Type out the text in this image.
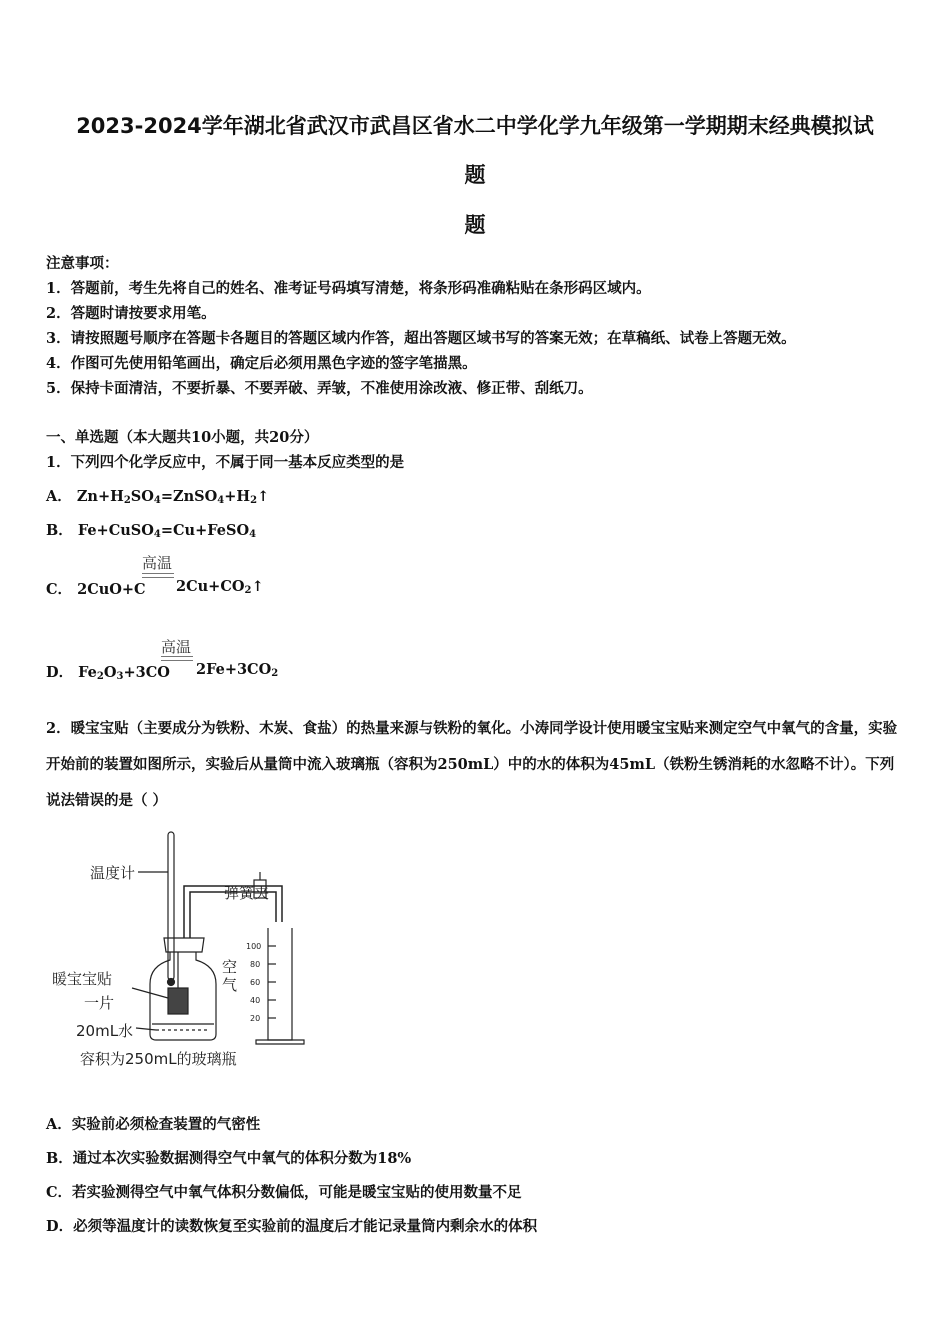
2023-2024学年湖北省武汉市武昌区省水二中学化学九年级第一学期期末经典模拟试
题
题
注意事项：
1．答题前，考生先将自己的姓名、准考证号码填写清楚，将条形码准确粘贴在条形码区域内。
2．答题时请按要求用笔。
3．请按照题号顺序在答题卡各题目的答题区域内作答，超出答题区域书写的答案无效；在草稿纸、试卷上答题无效。
4．作图可先使用铅笔画出，确定后必须用黑色字迹的签字笔描黑。
5．保持卡面清洁，不要折暴、不要弄破、弄皱，不准使用涂改液、修正带、刮纸刀。
一、单选题（本大题共10小题，共20分）
1．下列四个化学反应中，不属于同一基本反应类型的是
A． $Zn+H_2SO_4=ZnSO_4+H_2↑$
B． Fe+CuSO$_4$=Cu+FeSO$_4$
C． 2CuO+C
高温
$2Cu+CO_2↑$
D． $Fe_2O_3+3CO$
高温
$2Fe+3CO_2$
2．暖宝宝贴（主要成分为铁粉、木炭、食盐）的热量来源与铁粉的氧化。小涛同学设计使用暖宝宝贴来测定空气中氧气的含量，实验开始前的装置如图所示，实验后从量筒中流入玻璃瓶（容积为250mL）中的水的体积为45mL（铁粉生锈消耗的水忽略不计）。下列说法错误的是（ ）
温度计
弹簧夹
暖宝宝贴
一片
空气
20mL水
容积为250mL的玻璃瓶
100
80
60
40
20
A．实验前必须检查装置的气密性
B．通过本次实验数据测得空气中氧气的体积分数为18%
C．若实验测得空气中氧气体积分数偏低，可能是暖宝宝贴的使用数量不足
D．必须等温度计的读数恢复至实验前的温度后才能记录量筒内剩余水的体积
